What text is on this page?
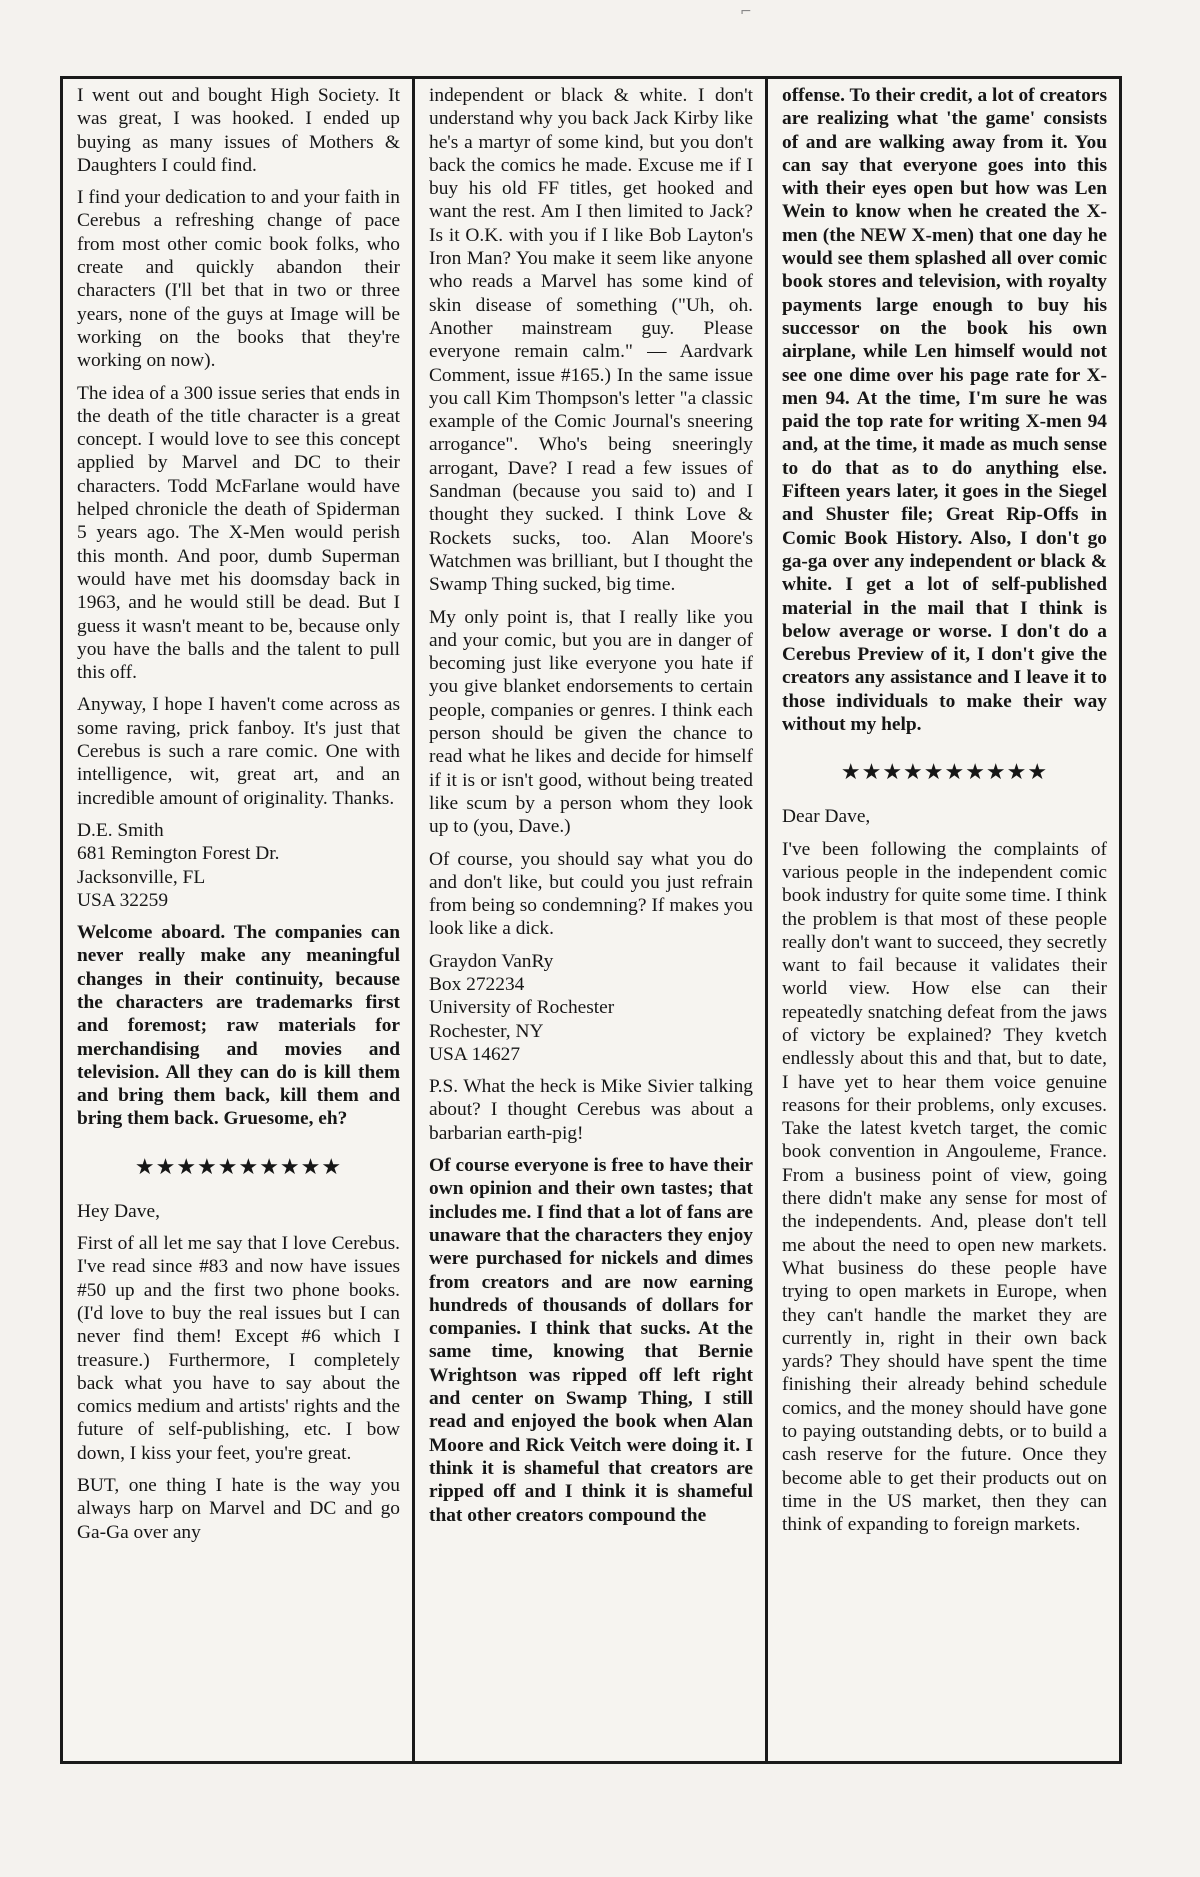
⌐

I went out and bought High Society. It was great, I was hooked. I ended up buying as many issues of Mothers & Daughters I could find.

I find your dedication to and your faith in Cerebus a refreshing change of pace from most other comic book folks, who create and quickly abandon their characters (I'll bet that in two or three years, none of the guys at Image will be working on the books that they're working on now).

The idea of a 300 issue series that ends in the death of the title character is a great concept. I would love to see this concept applied by Marvel and DC to their characters. Todd McFarlane would have helped chronicle the death of Spiderman 5 years ago. The X-Men would perish this month. And poor, dumb Superman would have met his doomsday back in 1963, and he would still be dead. But I guess it wasn't meant to be, because only you have the balls and the talent to pull this off.

Anyway, I hope I haven't come across as some raving, prick fanboy. It's just that Cerebus is such a rare comic. One with intelligence, wit, great art, and an incredible amount of originality. Thanks.

D.E. Smith
681 Remington Forest Dr.
Jacksonville, FL
USA 32259

Welcome aboard. The companies can never really make any meaningful changes in their continuity, because the characters are trademarks first and foremost; raw materials for merchandising and movies and television. All they can do is kill them and bring them back, kill them and bring them back. Gruesome, eh?

★★★★★★★★★★

Hey Dave,

First of all let me say that I love Cerebus. I've read since #83 and now have issues #50 up and the first two phone books. (I'd love to buy the real issues but I can never find them! Except #6 which I treasure.) Furthermore, I completely back what you have to say about the comics medium and artists' rights and the future of self-publishing, etc. I bow down, I kiss your feet, you're great.

BUT, one thing I hate is the way you always harp on Marvel and DC and go Ga-Ga over any

independent or black & white. I don't understand why you back Jack Kirby like he's a martyr of some kind, but you don't back the comics he made. Excuse me if I buy his old FF titles, get hooked and want the rest. Am I then limited to Jack? Is it O.K. with you if I like Bob Layton's Iron Man? You make it seem like anyone who reads a Marvel has some kind of skin disease of something ("Uh, oh. Another mainstream guy. Please everyone remain calm." — Aardvark Comment, issue #165.) In the same issue you call Kim Thompson's letter "a classic example of the Comic Journal's sneering arrogance". Who's being sneeringly arrogant, Dave? I read a few issues of Sandman (because you said to) and I thought they sucked. I think Love & Rockets sucks, too. Alan Moore's Watchmen was brilliant, but I thought the Swamp Thing sucked, big time.

My only point is, that I really like you and your comic, but you are in danger of becoming just like everyone you hate if you give blanket endorsements to certain people, companies or genres. I think each person should be given the chance to read what he likes and decide for himself if it is or isn't good, without being treated like scum by a person whom they look up to (you, Dave.)

Of course, you should say what you do and don't like, but could you just refrain from being so condemning? If makes you look like a dick.

Graydon VanRy
Box 272234
University of Rochester
Rochester, NY
USA 14627

P.S. What the heck is Mike Sivier talking about? I thought Cerebus was about a barbarian earth-pig!

Of course everyone is free to have their own opinion and their own tastes; that includes me. I find that a lot of fans are unaware that the characters they enjoy were purchased for nickels and dimes from creators and are now earning hundreds of thousands of dollars for companies. I think that sucks. At the same time, knowing that Bernie Wrightson was ripped off left right and center on Swamp Thing, I still read and enjoyed the book when Alan Moore and Rick Veitch were doing it. I think it is shameful that creators are ripped off and I think it is shameful that other creators compound the

offense. To their credit, a lot of creators are realizing what 'the game' consists of and are walking away from it. You can say that everyone goes into this with their eyes open but how was Len Wein to know when he created the X-men (the NEW X-men) that one day he would see them splashed all over comic book stores and television, with royalty payments large enough to buy his successor on the book his own airplane, while Len himself would not see one dime over his page rate for X-men 94. At the time, I'm sure he was paid the top rate for writing X-men 94 and, at the time, it made as much sense to do that as to do anything else. Fifteen years later, it goes in the Siegel and Shuster file; Great Rip-Offs in Comic Book History. Also, I don't go ga-ga over any independent or black & white. I get a lot of self-published material in the mail that I think is below average or worse. I don't do a Cerebus Preview of it, I don't give the creators any assistance and I leave it to those individuals to make their way without my help.

★★★★★★★★★★

Dear Dave,

I've been following the complaints of various people in the independent comic book industry for quite some time. I think the problem is that most of these people really don't want to succeed, they secretly want to fail because it validates their world view. How else can their repeatedly snatching defeat from the jaws of victory be explained? They kvetch endlessly about this and that, but to date, I have yet to hear them voice genuine reasons for their problems, only excuses. Take the latest kvetch target, the comic book convention in Angouleme, France. From a business point of view, going there didn't make any sense for most of the independents. And, please don't tell me about the need to open new markets. What business do these people have trying to open markets in Europe, when they can't handle the market they are currently in, right in their own back yards? They should have spent the time finishing their already behind schedule comics, and the money should have gone to paying outstanding debts, or to build a cash reserve for the future. Once they become able to get their products out on time in the US market, then they can think of expanding to foreign markets.
